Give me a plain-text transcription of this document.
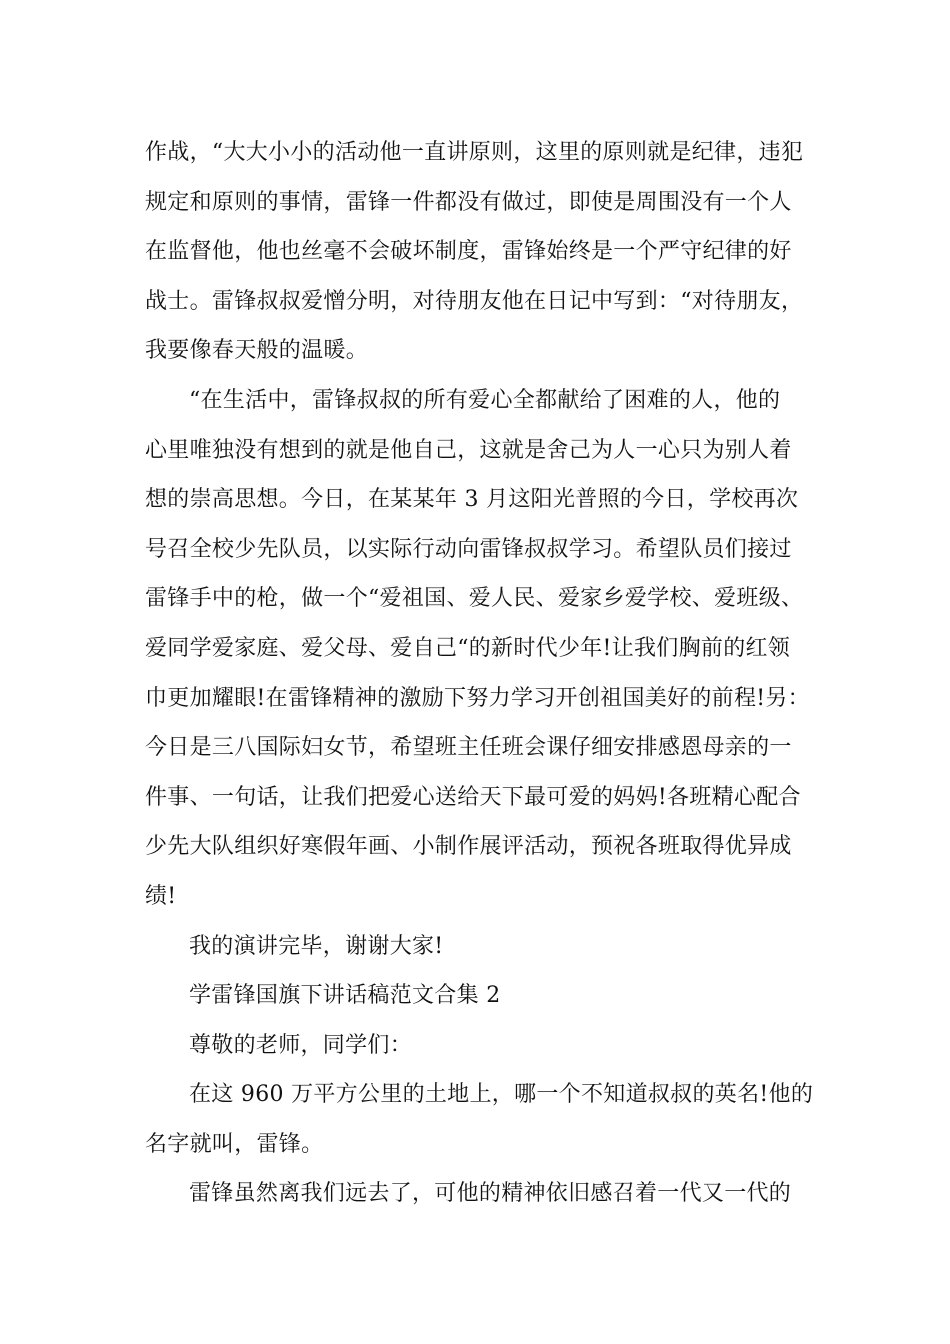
作战，“大大小小的活动他一直讲原则，这里的原则就是纪律，违犯
规定和原则的事情，雷锋一件都没有做过，即使是周围没有一个人
在监督他，他也丝毫不会破坏制度，雷锋始终是一个严守纪律的好
战士。雷锋叔叔爱憎分明，对待朋友他在日记中写到：“对待朋友，
我要像春天般的温暖。
“在生活中，雷锋叔叔的所有爱心全都献给了困难的人，他的
心里唯独没有想到的就是他自己，这就是舍己为人一心只为别人着
想的崇高思想。今日，在某某年 3 月这阳光普照的今日，学校再次
号召全校少先队员，以实际行动向雷锋叔叔学习。希望队员们接过
雷锋手中的枪，做一个“爱祖国、爱人民、爱家乡爱学校、爱班级、
爱同学爱家庭、爱父母、爱自己“的新时代少年!让我们胸前的红领
巾更加耀眼!在雷锋精神的激励下努力学习开创祖国美好的前程!另：
今日是三八国际妇女节，希望班主任班会课仔细安排感恩母亲的一
件事、一句话，让我们把爱心送给天下最可爱的妈妈!各班精心配合
少先大队组织好寒假年画、小制作展评活动，预祝各班取得优异成
绩!
我的演讲完毕，谢谢大家!
学雷锋国旗下讲话稿范文合集 2
尊敬的老师，同学们：
在这 960 万平方公里的土地上，哪一个不知道叔叔的英名!他的
名字就叫，雷锋。
雷锋虽然离我们远去了，可他的精神依旧感召着一代又一代的
